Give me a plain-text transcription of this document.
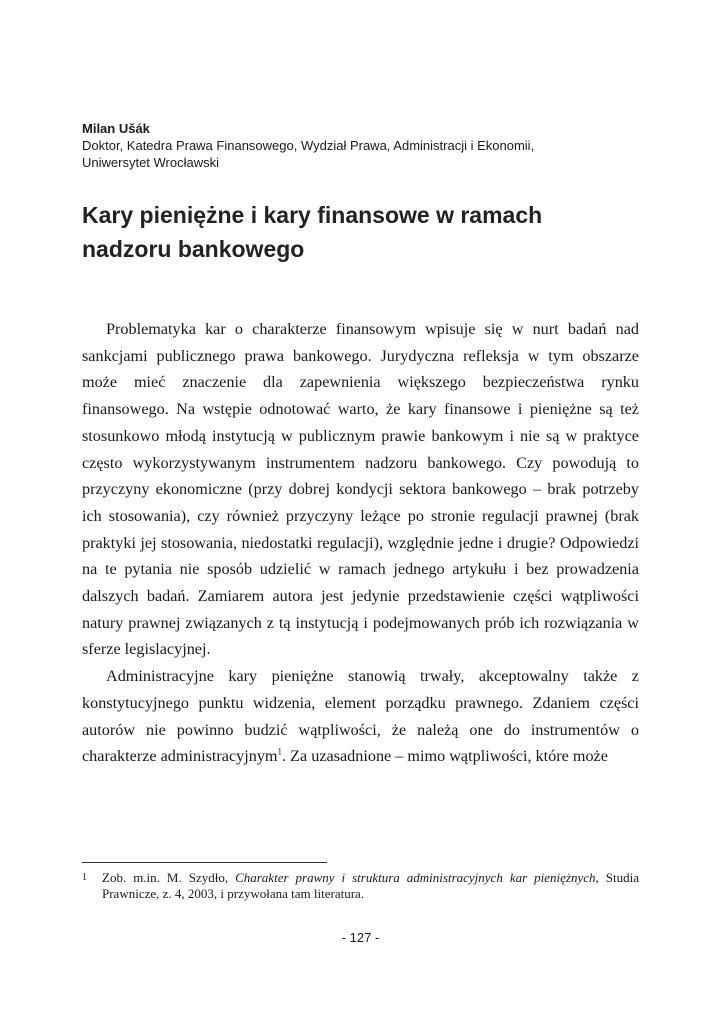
Milan Ušák
Doktor, Katedra Prawa Finansowego, Wydział Prawa, Administracji i Ekonomii,
Uniwersytet Wrocławski
Kary pieniężne i kary finansowe w ramach
nadzoru bankowego

Problematyka kar o charakterze finansowym wpisuje się w nurt badań nad sankcjami publicznego prawa bankowego. Jurydyczna refleksja w tym obszarze może mieć znaczenie dla zapewnienia większego bezpieczeństwa rynku finansowego. Na wstępie odnotować warto, że kary finansowe i pieniężne są też stosunkowo młodą instytucją w publicznym prawie bankowym i nie są w praktyce często wykorzystywanym instrumentem nadzoru bankowego. Czy powodują to przyczyny ekonomiczne (przy dobrej kondycji sektora bankowego – brak potrzeby ich stosowania), czy również przyczyny leżące po stronie regulacji prawnej (brak praktyki jej stosowania, niedostatki regulacji), względnie jedne i drugie? Odpowiedzi na te pytania nie sposób udzielić w ramach jednego artykułu i bez prowadzenia dalszych badań. Zamiarem autora jest jedynie przedstawienie części wątpliwości natury prawnej związanych z tą instytucją i podejmowanych prób ich rozwiązania w sferze legislacyjnej.

Administracyjne kary pieniężne stanowią trwały, akceptowalny także z konstytucyjnego punktu widzenia, element porządku prawnego. Zdaniem części autorów nie powinno budzić wątpliwości, że należą one do instrumentów o charakterze administracyjnym$^1$. Za uzasadnione – mimo wątpliwości, które może

1	Zob. m.in. M. Szydło, Charakter prawny i struktura administracyjnych kar pieniężnych, Studia Prawnicze, z. 4, 2003, i przywołana tam literatura.
- 127 -
